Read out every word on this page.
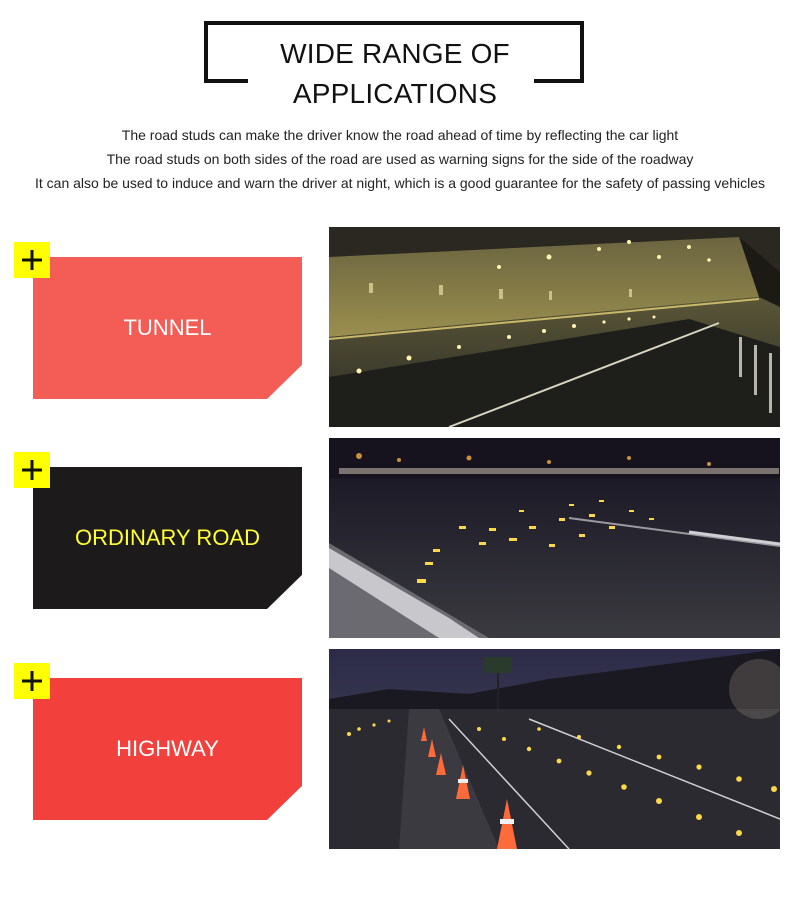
WIDE RANGE OF
APPLICATIONS

The road studs can make the driver know the road ahead of time by reflecting the car light

The road studs on both sides of the road are used as warning signs for the side of the roadway

It can also be used to induce and warn the driver at night, which is a good guarantee for the safety of passing vehicles

TUNNEL
ORDINARY ROAD
HIGHWAY
